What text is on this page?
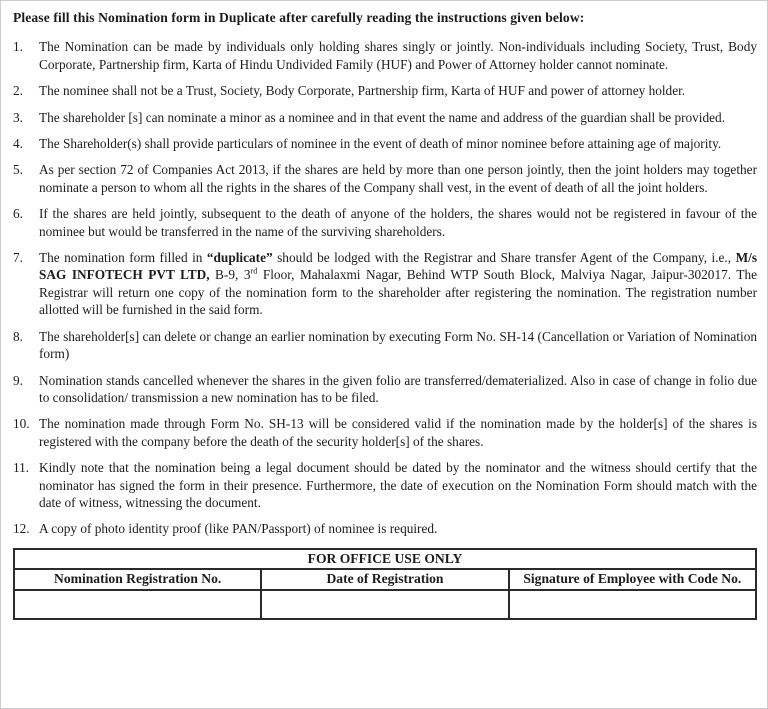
Please fill this Nomination form in Duplicate after carefully reading the instructions given below:
1.	The Nomination can be made by individuals only holding shares singly or jointly. Non-individuals including Society, Trust, Body Corporate, Partnership firm, Karta of Hindu Undivided Family (HUF) and Power of Attorney holder cannot nominate.
2.	The nominee shall not be a Trust, Society, Body Corporate, Partnership firm, Karta of HUF and power of attorney holder.
3.	The shareholder [s] can nominate a minor as a nominee and in that event the name and address of the guardian shall be provided.
4.	The Shareholder(s) shall provide particulars of nominee in the event of death of minor nominee before attaining age of majority.
5.	As per section 72 of Companies Act 2013, if the shares are held by more than one person jointly, then the joint holders may together nominate a person to whom all the rights in the shares of the Company shall vest, in the event of death of all the joint holders.
6.	If the shares are held jointly, subsequent to the death of anyone of the holders, the shares would not be registered in favour of the nominee but would be transferred in the name of the surviving shareholders.
7.	The nomination form filled in “duplicate” should be lodged with the Registrar and Share transfer Agent of the Company, i.e., M/s SAG INFOTECH PVT LTD, B-9, 3rd Floor, Mahalaxmi Nagar, Behind WTP South Block, Malviya Nagar, Jaipur-302017. The Registrar will return one copy of the nomination form to the shareholder after registering the nomination. The registration number allotted will be furnished in the said form.
8.	The shareholder[s] can delete or change an earlier nomination by executing Form No. SH-14 (Cancellation or Variation of Nomination form)
9.	Nomination stands cancelled whenever the shares in the given folio are transferred/dematerialized. Also in case of change in folio due to consolidation/ transmission a new nomination has to be filed.
10. The nomination made through Form No. SH-13 will be considered valid if the nomination made by the holder[s] of the shares is registered with the company before the death of the security holder[s] of the shares.
11. Kindly note that the nomination being a legal document should be dated by the nominator and the witness should certify that the nominator has signed the form in their presence. Furthermore, the date of execution on the Nomination Form should match with the date of witness, witnessing the document.
12. A copy of photo identity proof (like PAN/Passport) of nominee is required.
FOR OFFICE USE ONLY		
Nomination Registration No.	Date of Registration	Signature of Employee with Code No.
